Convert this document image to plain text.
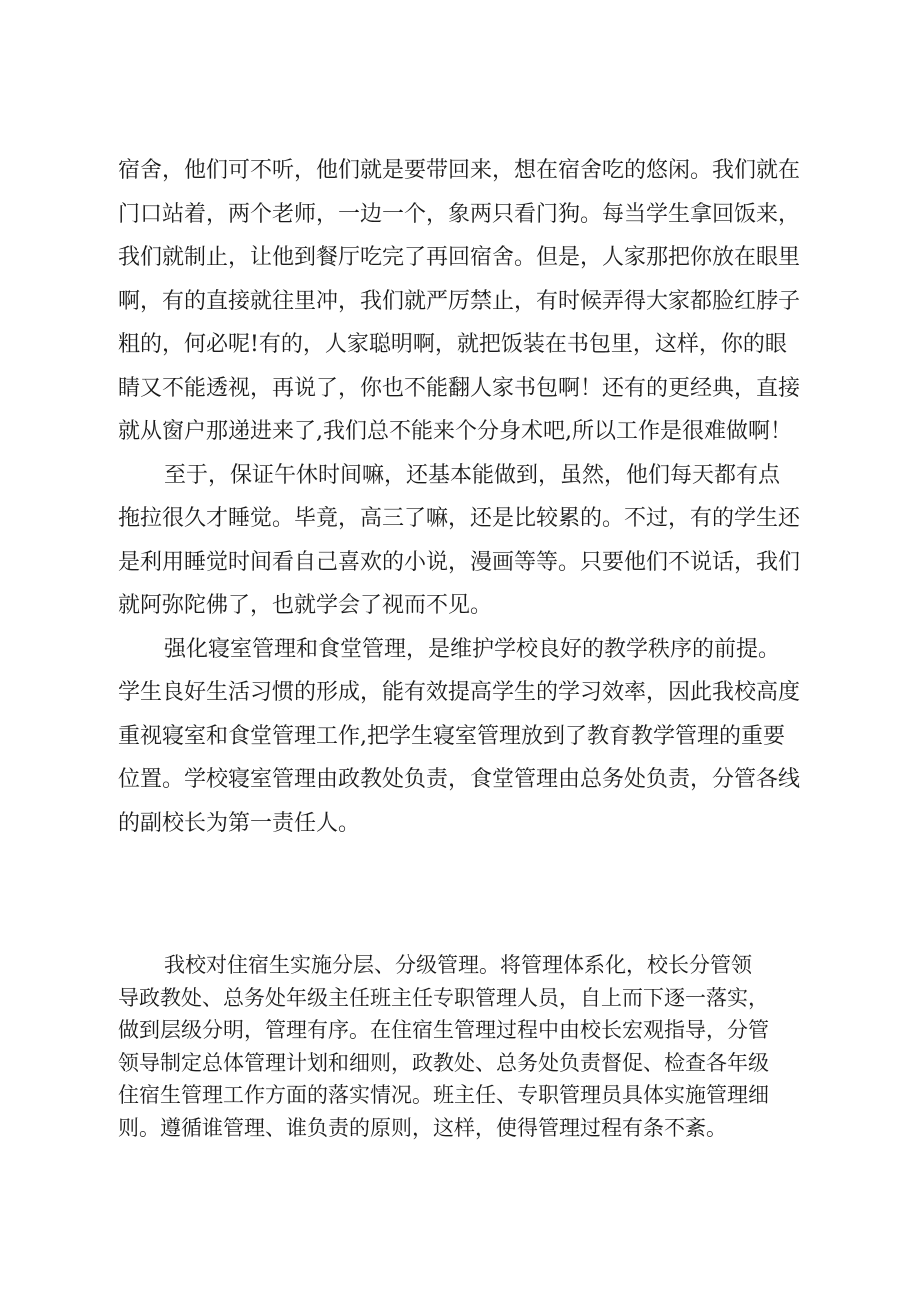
宿舍，他们可不听，他们就是要带回来，想在宿舍吃的悠闲。我们就在
门口站着，两个老师，一边一个，象两只看门狗。每当学生拿回饭来，
我们就制止，让他到餐厅吃完了再回宿舍。但是，人家那把你放在眼里
啊，有的直接就往里冲，我们就严厉禁止，有时候弄得大家都脸红脖子
粗的，何必呢!有的，人家聪明啊，就把饭装在书包里，这样，你的眼
睛又不能透视，再说了，你也不能翻人家书包啊！还有的更经典，直接
就从窗户那递进来了,我们总不能来个分身术吧,所以工作是很难做啊！
至于，保证午休时间嘛，还基本能做到，虽然，他们每天都有点
拖拉很久才睡觉。毕竟，高三了嘛，还是比较累的。不过，有的学生还
是利用睡觉时间看自己喜欢的小说，漫画等等。只要他们不说话，我们
就阿弥陀佛了，也就学会了视而不见。
强化寝室管理和食堂管理，是维护学校良好的教学秩序的前提。
学生良好生活习惯的形成，能有效提高学生的学习效率，因此我校高度
重视寝室和食堂管理工作,把学生寝室管理放到了教育教学管理的重要
位置。学校寝室管理由政教处负责，食堂管理由总务处负责，分管各线
的副校长为第一责任人。
我校对住宿生实施分层、分级管理。将管理体系化，校长分管领
导政教处、总务处年级主任班主任专职管理人员，自上而下逐一落实，
做到层级分明，管理有序。在住宿生管理过程中由校长宏观指导，分管
领导制定总体管理计划和细则，政教处、总务处负责督促、检查各年级
住宿生管理工作方面的落实情况。班主任、专职管理员具体实施管理细
则。遵循谁管理、谁负责的原则，这样，使得管理过程有条不紊。
